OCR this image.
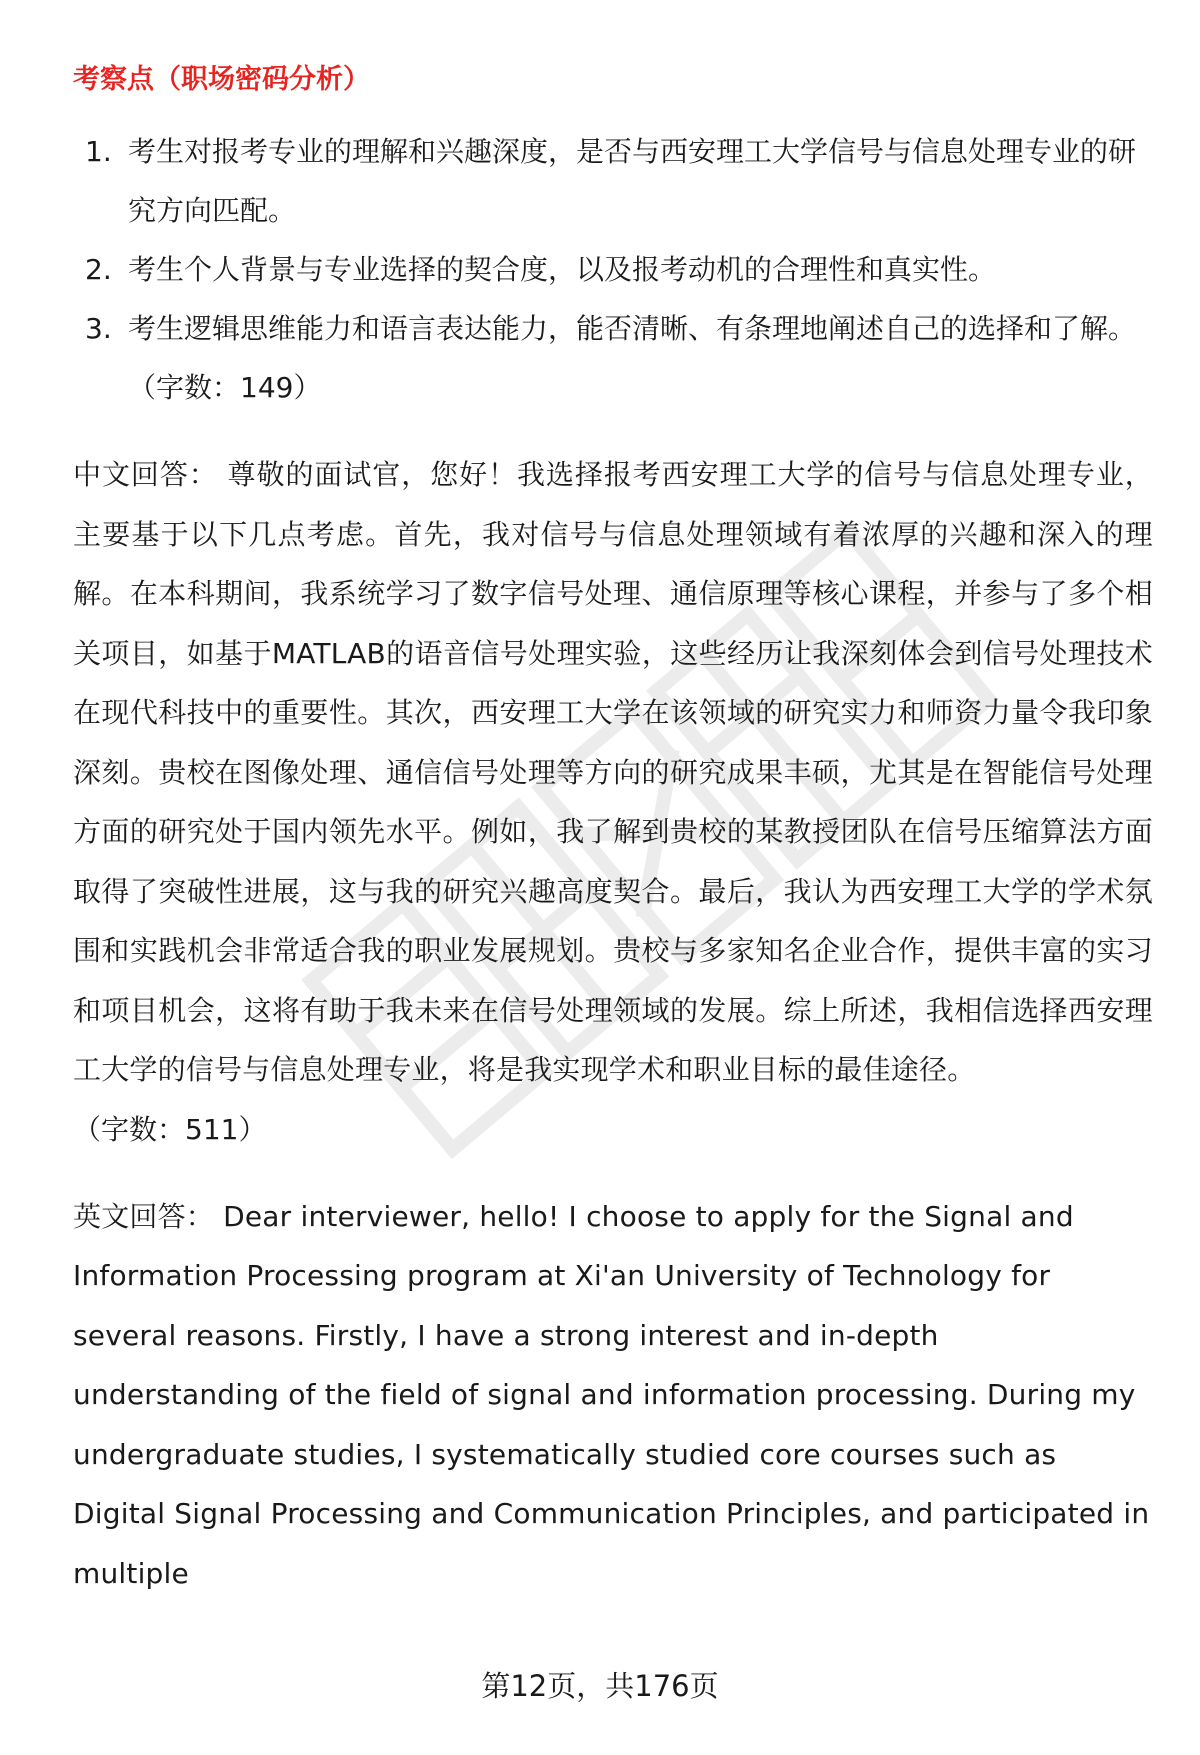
考察点（职场密码分析）
1. 考生对报考专业的理解和兴趣深度，是否与西安理工大学信号与信息处理专业的研究方向匹配。
2. 考生个人背景与专业选择的契合度，以及报考动机的合理性和真实性。
3. 考生逻辑思维能力和语言表达能力，能否清晰、有条理地阐述自己的选择和了解。
（字数：149）

中文回答： 尊敬的面试官，您好！我选择报考西安理工大学的信号与信息处理专业，主要基于以下几点考虑。首先，我对信号与信息处理领域有着浓厚的兴趣和深入的理解。在本科期间，我系统学习了数字信号处理、通信原理等核心课程，并参与了多个相关项目，如基于MATLAB的语音信号处理实验，这些经历让我深刻体会到信号处理技术在现代科技中的重要性。其次，西安理工大学在该领域的研究实力和师资力量令我印象深刻。贵校在图像处理、通信信号处理等方向的研究成果丰硕，尤其是在智能信号处理方面的研究处于国内领先水平。例如，我了解到贵校的某教授团队在信号压缩算法方面取得了突破性进展，这与我的研究兴趣高度契合。最后，我认为西安理工大学的学术氛围和实践机会非常适合我的职业发展规划。贵校与多家知名企业合作，提供丰富的实习和项目机会，这将有助于我未来在信号处理领域的发展。综上所述，我相信选择西安理工大学的信号与信息处理专业，将是我实现学术和职业目标的最佳途径。

（字数：511）

英文回答： Dear interviewer, hello! I choose to apply for the Signal and Information Processing program at Xi'an University of Technology for several reasons. Firstly, I have a strong interest and in-depth understanding of the field of signal and information processing. During my undergraduate studies, I systematically studied core courses such as Digital Signal Processing and Communication Principles, and participated in multiple

第12页，共176页
